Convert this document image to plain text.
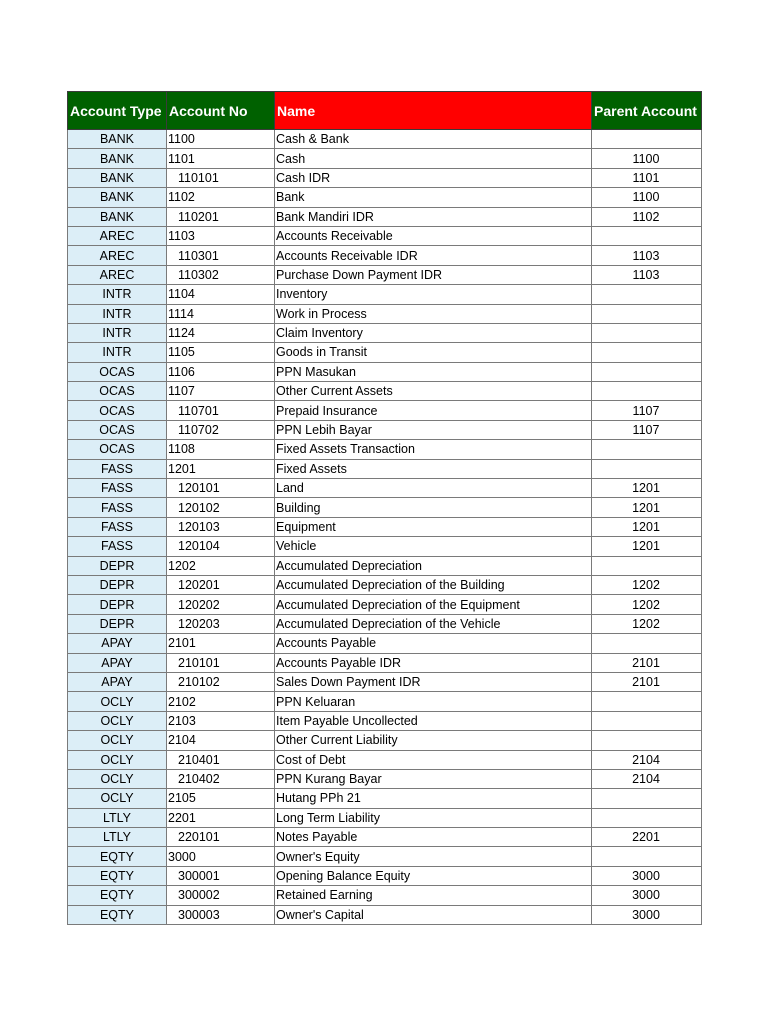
Account Type	Account No	Name	Parent Account
BANK	1100	Cash & Bank	
BANK	1101	Cash	1100
BANK	110101	Cash IDR	1101
BANK	1102	Bank	1100
BANK	110201	Bank Mandiri IDR	1102
AREC	1103	Accounts Receivable	
AREC	110301	Accounts Receivable IDR	1103
AREC	110302	Purchase Down Payment IDR	1103
INTR	1104	Inventory	
INTR	1114	Work in Process	
INTR	1124	Claim Inventory	
INTR	1105	Goods in Transit	
OCAS	1106	PPN Masukan	
OCAS	1107	Other Current Assets	
OCAS	110701	Prepaid Insurance	1107
OCAS	110702	PPN Lebih Bayar	1107
OCAS	1108	Fixed Assets Transaction	
FASS	1201	Fixed Assets	
FASS	120101	Land	1201
FASS	120102	Building	1201
FASS	120103	Equipment	1201
FASS	120104	Vehicle	1201
DEPR	1202	Accumulated Depreciation	
DEPR	120201	Accumulated Depreciation of the Building	1202
DEPR	120202	Accumulated Depreciation of the Equipment	1202
DEPR	120203	Accumulated Depreciation of the Vehicle	1202
APAY	2101	Accounts Payable	
APAY	210101	Accounts Payable IDR	2101
APAY	210102	Sales Down Payment IDR	2101
OCLY	2102	PPN Keluaran	
OCLY	2103	Item Payable Uncollected	
OCLY	2104	Other Current Liability	
OCLY	210401	Cost of Debt	2104
OCLY	210402	PPN Kurang Bayar	2104
OCLY	2105	Hutang PPh 21	
LTLY	2201	Long Term Liability	
LTLY	220101	Notes Payable	2201
EQTY	3000	Owner's Equity	
EQTY	300001	Opening Balance Equity	3000
EQTY	300002	Retained Earning	3000
EQTY	300003	Owner's Capital	3000
